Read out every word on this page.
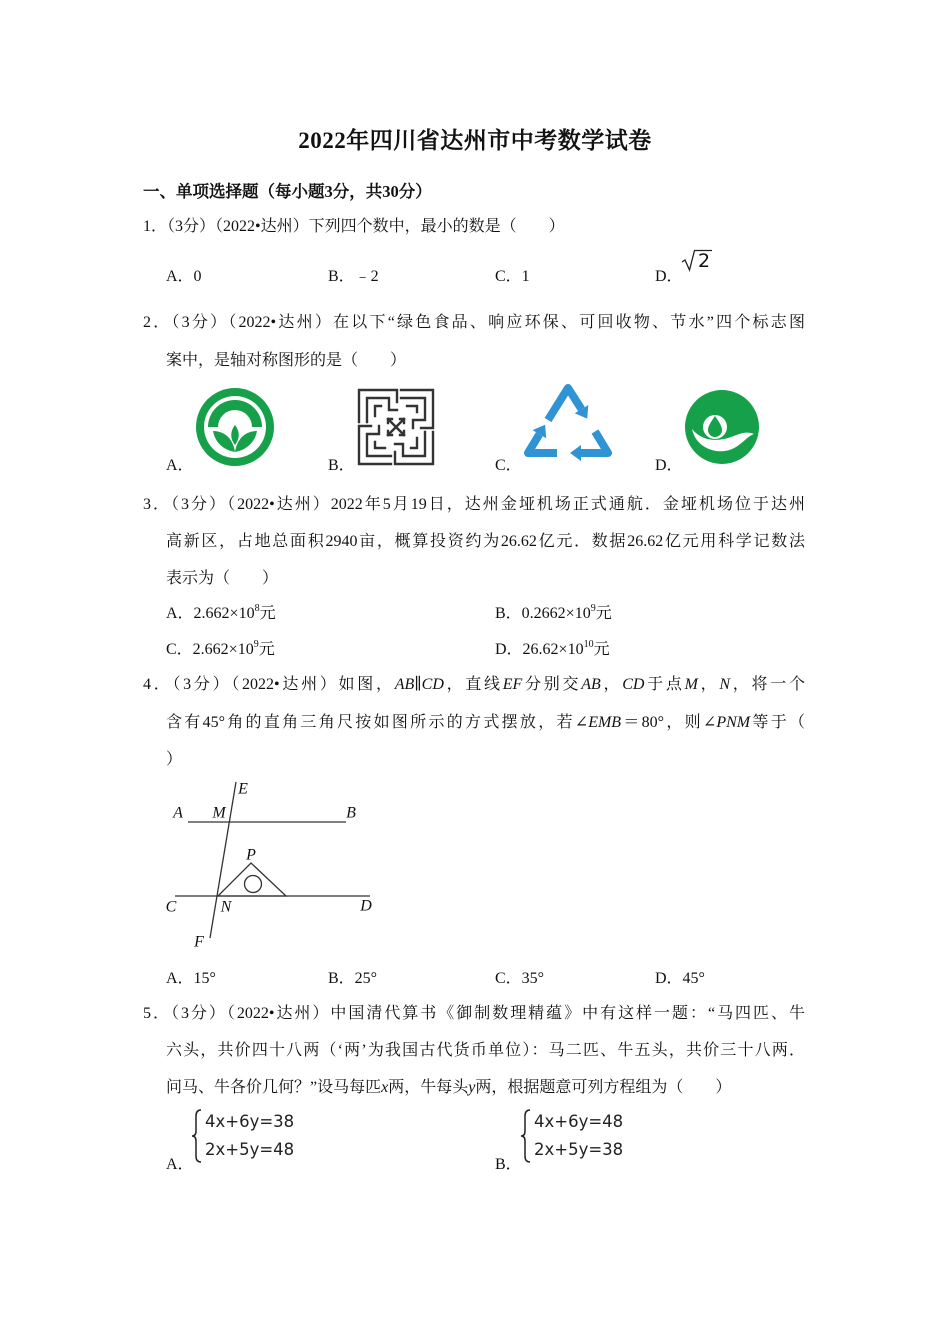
2022年四川省达州市中考数学试卷
一、单项选择题（每小题3分，共30分）
1．（3分）（2022•达州）下列四个数中，最小的数是（　　）
A．0	B．﹣2	C．1	D．
2
2．（3分）（2022•达州）在以下“绿色食品、响应环保、可回收物、节水”四个标志图
案中，是轴对称图形的是（　　）
A．	B．	C．	D．
3．（3分）（2022•达州）2022年5月19日，达州金垭机场正式通航．金垭机场位于达州
高新区，占地总面积2940亩，概算投资约为26.62亿元．数据26.62亿元用科学记数法
表示为（　　）
A．$2.662\times 10^8$元	B．$0.2662\times 10^9$元
C．$2.662\times 10^9$元	D．$26.62\times 10^{10}$元
4．（3分）（2022•达州）如图，AB∥CD，直线EF分别交AB，CD于点M，N，将一个
含有45°角的直角三角尺按如图所示的方式摆放，若∠EMB＝80°，则∠PNM等于（
）
A M	B
E
P
C	N	D
F
A．15°	B．25°	C．35°	D．45°
5．（3分）（2022•达州）中国清代算书《御制数理精蕴》中有这样一题：“马四匹、牛
六头，共价四十八两（‘两’为我国古代货币单位）：马二匹、牛五头，共价三十八两．
问马、牛各价几何？”设马每匹x两，牛每头y两，根据题意可列方程组为（　　）
4x+6y=38
2x+5y=48
4x+6y=48
2x+5y=38
A．	B．
